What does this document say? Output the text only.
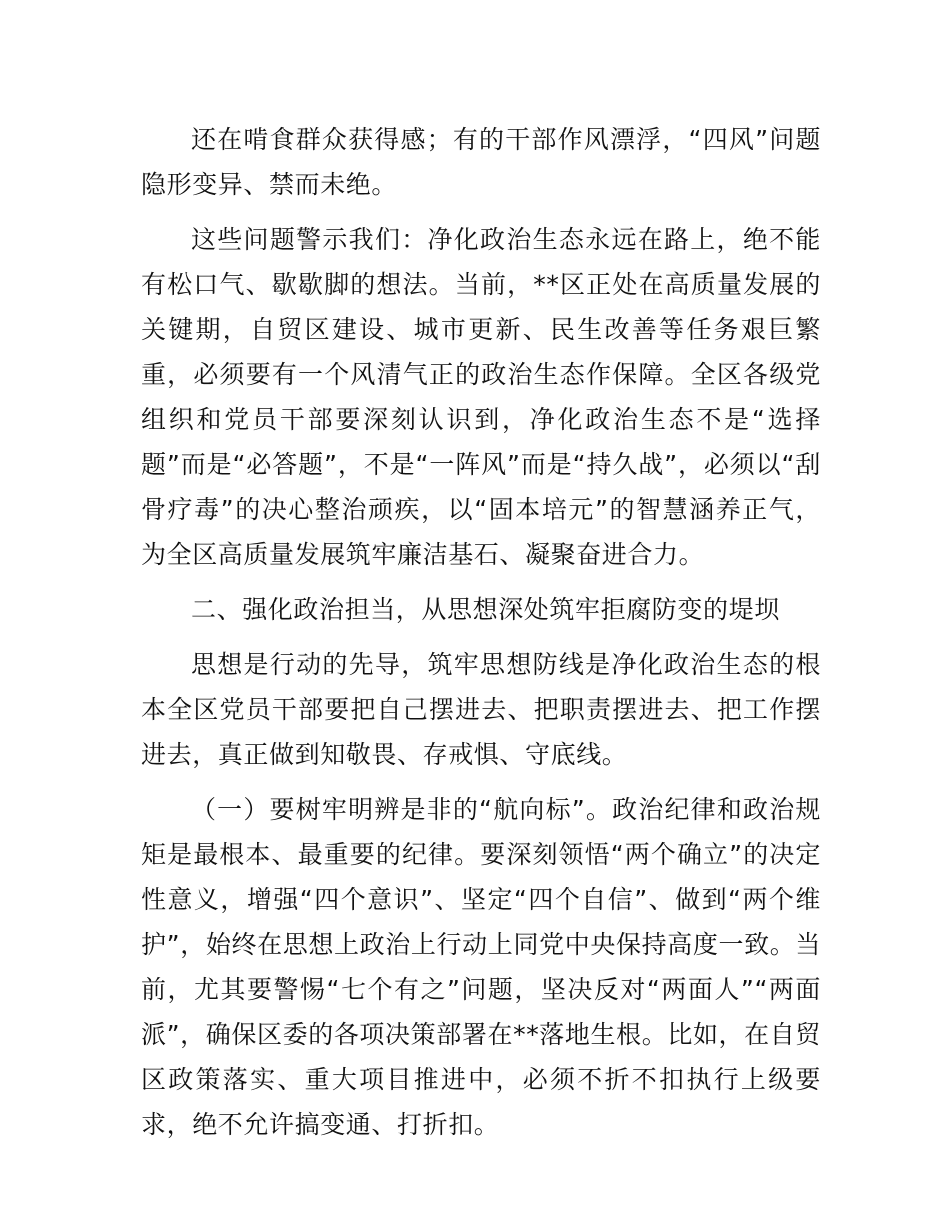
还在啃食群众获得感；有的干部作风漂浮，“四风”问题隐形变异、禁而未绝。

这些问题警示我们：净化政治生态永远在路上，绝不能有松口气、歇歇脚的想法。当前，**区正处在高质量发展的关键期，自贸区建设、城市更新、民生改善等任务艰巨繁重，必须要有一个风清气正的政治生态作保障。全区各级党组织和党员干部要深刻认识到，净化政治生态不是“选择题”而是“必答题”，不是“一阵风”而是“持久战”，必须以“刮骨疗毒”的决心整治顽疾，以“固本培元”的智慧涵养正气，为全区高质量发展筑牢廉洁基石、凝聚奋进合力。

二、强化政治担当，从思想深处筑牢拒腐防变的堤坝

思想是行动的先导，筑牢思想防线是净化政治生态的根本全区党员干部要把自己摆进去、把职责摆进去、把工作摆进去，真正做到知敬畏、存戒惧、守底线。

（一）要树牢明辨是非的“航向标”。政治纪律和政治规矩是最根本、最重要的纪律。要深刻领悟“两个确立”的决定性意义，增强“四个意识”、坚定“四个自信”、做到“两个维护”，始终在思想上政治上行动上同党中央保持高度一致。当前，尤其要警惕“七个有之”问题，坚决反对“两面人”“两面派”，确保区委的各项决策部署在**落地生根。比如，在自贸区政策落实、重大项目推进中，必须不折不扣执行上级要求，绝不允许搞变通、打折扣。
